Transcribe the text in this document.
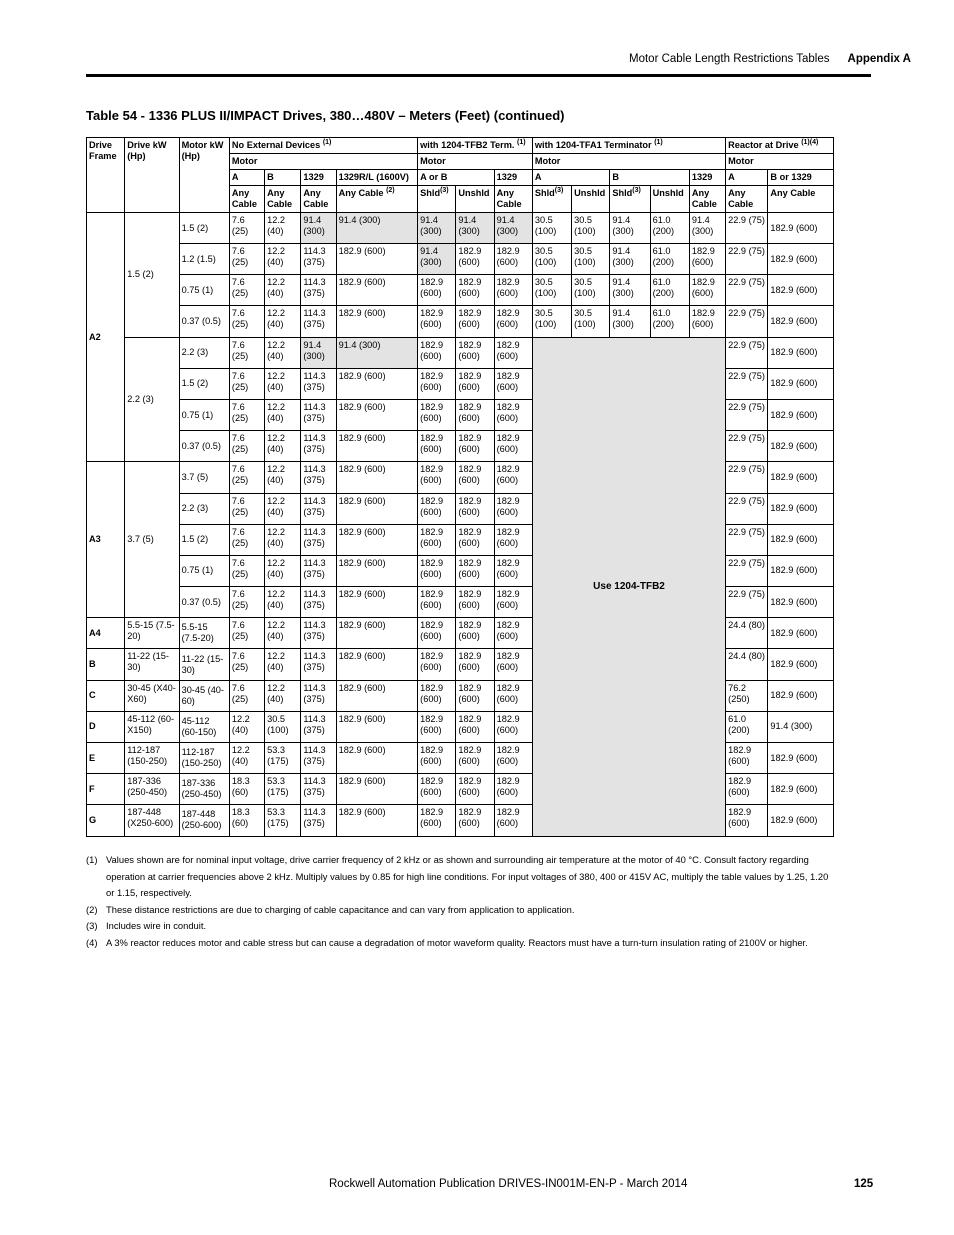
Motor Cable Length Restrictions Tables Appendix A
Table 54 - 1336 PLUS II/IMPACT Drives, 380…480V – Meters (Feet) (continued)
Drive Frame	Drive kW (Hp)	Motor kW (Hp)	No External Devices $^{(1)}$				with 1204-TFB2 Term. $^{(1)}$			with 1204-TFA1 Terminator $^{(1)}$					Reactor at Drive $^{(1)(4)}$
			Motor				Motor			Motor					Motor	
			A	B	1329	1329R/L (1600V)	A or B		1329	A		B		1329	A	B or 1329
			Any Cable	Any Cable	Any Cable	Any Cable $^{(2)}$	Shld$^{(3)}$	Unshld	Any Cable	Shld$^{(3)}$	Unshld	Shld$^{(3)}$	Unshld	Any Cable	Any Cable	Any Cable
A2	1.5 (2)	1.5 (2)	7.6 (25)	12.2 (40)	91.4 (300)	91.4 (300)	91.4 (300)	91.4 (300)	91.4 (300)	30.5 (100)	30.5 (100)	91.4 (300)	61.0 (200)	91.4 (300)	22.9 (75)	182.9 (600)
		1.2 (1.5)	7.6 (25)	12.2 (40)	114.3 (375)	182.9 (600)	91.4 (300)	182.9 (600)	182.9 (600)	30.5 (100)	30.5 (100)	91.4 (300)	61.0 (200)	182.9 (600)	22.9 (75)	182.9 (600)
		0.75 (1)	7.6 (25)	12.2 (40)	114.3 (375)	182.9 (600)	182.9 (600)	182.9 (600)	182.9 (600)	30.5 (100)	30.5 (100)	91.4 (300)	61.0 (200)	182.9 (600)	22.9 (75)	182.9 (600)
		0.37 (0.5)	7.6 (25)	12.2 (40)	114.3 (375)	182.9 (600)	182.9 (600)	182.9 (600)	182.9 (600)	30.5 (100)	30.5 (100)	91.4 (300)	61.0 (200)	182.9 (600)	22.9 (75)	182.9 (600)
	2.2 (3)	2.2 (3)	7.6 (25)	12.2 (40)	91.4 (300)	91.4 (300)	182.9 (600)	182.9 (600)	182.9 (600)	Use 1204-TFB2					22.9 (75)	182.9 (600)
		1.5 (2)	7.6 (25)	12.2 (40)	114.3 (375)	182.9 (600)	182.9 (600)	182.9 (600)	182.9 (600)						22.9 (75)	182.9 (600)
		0.75 (1)	7.6 (25)	12.2 (40)	114.3 (375)	182.9 (600)	182.9 (600)	182.9 (600)	182.9 (600)						22.9 (75)	182.9 (600)
		0.37 (0.5)	7.6 (25)	12.2 (40)	114.3 (375)	182.9 (600)	182.9 (600)	182.9 (600)	182.9 (600)						22.9 (75)	182.9 (600)
A3	3.7 (5)	3.7 (5)	7.6 (25)	12.2 (40)	114.3 (375)	182.9 (600)	182.9 (600)	182.9 (600)	182.9 (600)						22.9 (75)	182.9 (600)
		2.2 (3)	7.6 (25)	12.2 (40)	114.3 (375)	182.9 (600)	182.9 (600)	182.9 (600)	182.9 (600)						22.9 (75)	182.9 (600)
		1.5 (2)	7.6 (25)	12.2 (40)	114.3 (375)	182.9 (600)	182.9 (600)	182.9 (600)	182.9 (600)						22.9 (75)	182.9 (600)
		0.75 (1)	7.6 (25)	12.2 (40)	114.3 (375)	182.9 (600)	182.9 (600)	182.9 (600)	182.9 (600)						22.9 (75)	182.9 (600)
		0.37 (0.5)	7.6 (25)	12.2 (40)	114.3 (375)	182.9 (600)	182.9 (600)	182.9 (600)	182.9 (600)						22.9 (75)	182.9 (600)
A4	5.5-15 (7.5-20)	5.5-15 (7.5-20)	7.6 (25)	12.2 (40)	114.3 (375)	182.9 (600)	182.9 (600)	182.9 (600)	182.9 (600)						24.4 (80)	182.9 (600)
B	11-22 (15-30)	11-22 (15-30)	7.6 (25)	12.2 (40)	114.3 (375)	182.9 (600)	182.9 (600)	182.9 (600)	182.9 (600)						24.4 (80)	182.9 (600)
C	30-45 (X40-X60)	30-45 (40-60)	7.6 (25)	12.2 (40)	114.3 (375)	182.9 (600)	182.9 (600)	182.9 (600)	182.9 (600)						76.2 (250)	182.9 (600)
D	45-112 (60-X150)	45-112 (60-150)	12.2 (40)	30.5 (100)	114.3 (375)	182.9 (600)	182.9 (600)	182.9 (600)	182.9 (600)						61.0 (200)	91.4 (300)
E	112-187 (150-250)	112-187 (150-250)	12.2 (40)	53.3 (175)	114.3 (375)	182.9 (600)	182.9 (600)	182.9 (600)	182.9 (600)						182.9 (600)	182.9 (600)
F	187-336 (250-450)	187-336 (250-450)	18.3 (60)	53.3 (175)	114.3 (375)	182.9 (600)	182.9 (600)	182.9 (600)	182.9 (600)						182.9 (600)	182.9 (600)
G	187-448 (X250-600)	187-448 (250-600)	18.3 (60)	53.3 (175)	114.3 (375)	182.9 (600)	182.9 (600)	182.9 (600)	182.9 (600)						182.9 (600)	182.9 (600)
(1) Values shown are for nominal input voltage, drive carrier frequency of 2 kHz or as shown and surrounding air temperature at the motor of 40 °C. Consult factory regarding operation at carrier frequencies above 2 kHz. Multiply values by 0.85 for high line conditions. For input voltages of 380, 400 or 415V AC, multiply the table values by 1.25, 1.20 or 1.15, respectively.
(2) These distance restrictions are due to charging of cable capacitance and can vary from application to application.
(3) Includes wire in conduit.
(4) A 3% reactor reduces motor and cable stress but can cause a degradation of motor waveform quality. Reactors must have a turn-turn insulation rating of 2100V or higher.
Rockwell Automation Publication DRIVES-IN001M-EN-P - March 2014	125
